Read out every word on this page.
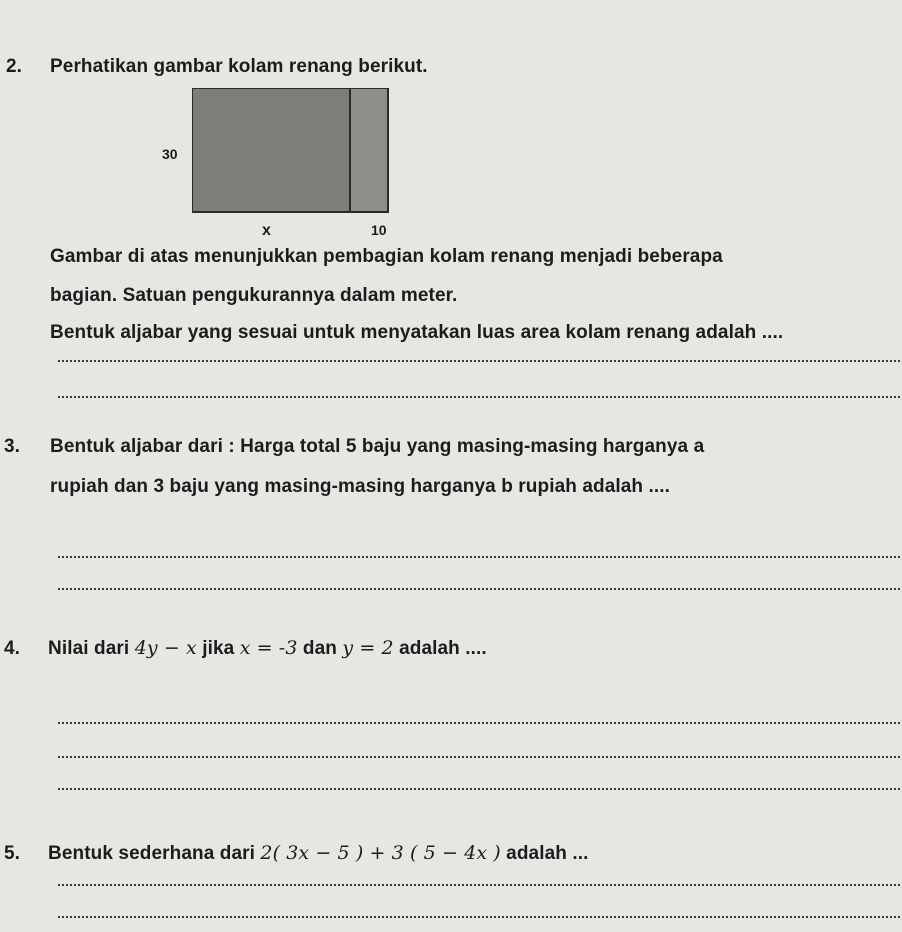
2. Perhatikan gambar kolam renang berikut.
30
x	10
Gambar di atas menunjukkan pembagian kolam renang menjadi beberapa
bagian. Satuan pengukurannya dalam meter.
Bentuk aljabar yang sesuai untuk menyatakan luas area kolam renang adalah ....
3. Bentuk aljabar dari : Harga total 5 baju yang masing-masing harganya a
rupiah dan 3 baju yang masing-masing harganya b rupiah adalah ....
4. Nilai dari 4y − x jika x = -3 dan y = 2 adalah ....
5. Bentuk sederhana dari 2( 3x − 5 ) + 3 ( 5 − 4x ) adalah ...
